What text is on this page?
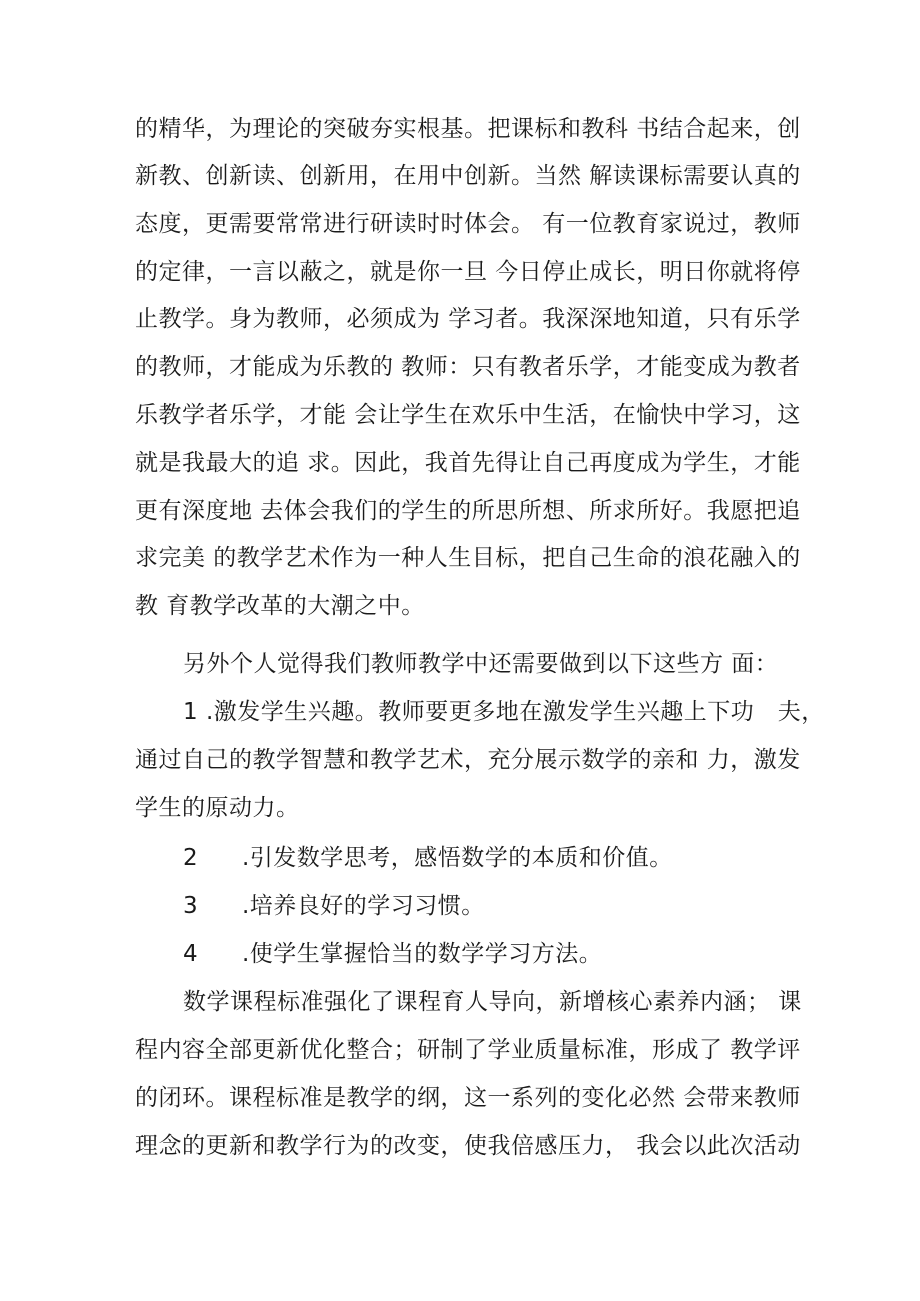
的精华，为理论的突破夯实根基。把课标和教科 书结合起来，创
新教、创新读、创新用，在用中创新。当然 解读课标需要认真的
态度，更需要常常进行研读时时体会。 有一位教育家说过，教师
的定律，一言以蔽之，就是你一旦 今日停止成长，明日你就将停
止教学。身为教师，必须成为 学习者。我深深地知道，只有乐学
的教师，才能成为乐教的 教师：只有教者乐学，才能变成为教者
乐教学者乐学，才能 会让学生在欢乐中生活，在愉快中学习，这
就是我最大的追 求。因此，我首先得让自己再度成为学生，才能
更有深度地 去体会我们的学生的所思所想、所求所好。我愿把追
求完美 的教学艺术作为一种人生目标，把自己生命的浪花融入的
教 育教学改革的大潮之中。
另外个人觉得我们教师教学中还需要做到以下这些方 面：
1 .激发学生兴趣。教师要更多地在激发学生兴趣上下功　夫，
通过自己的教学智慧和教学艺术，充分展示数学的亲和 力，激发
学生的原动力。
2 .引发数学思考，感悟数学的本质和价值。
3 .培养良好的学习习惯。
4 .使学生掌握恰当的数学学习方法。
数学课程标准强化了课程育人导向，新增核心素养内涵； 课
程内容全部更新优化整合；研制了学业质量标准，形成了 教学评
的闭环。课程标准是教学的纲，这一系列的变化必然 会带来教师
理念的更新和教学行为的改变，使我倍感压力， 我会以此次活动
